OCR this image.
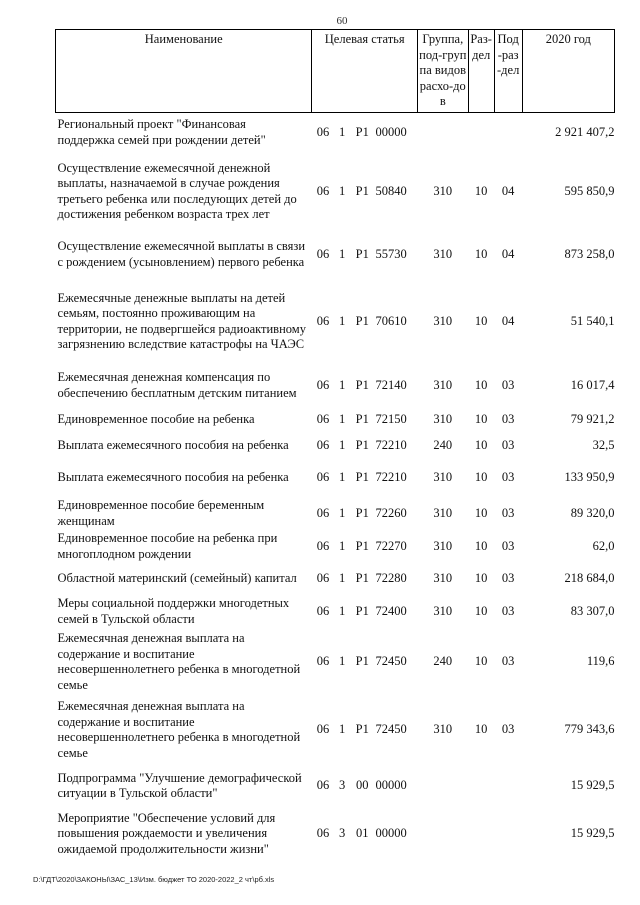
60
Наименование	Целевая статья	Группа, под-группа видов расхо-дов	Раз-дел	Под-раз-дел	2020 год
Региональный проект "Финансовая поддержка семей при рождении детей"	06 1 Р1 00000				2 921 407,2
Осуществление ежемесячной денежной выплаты, назначаемой в случае рождения третьего ребенка или последующих детей до достижения ребенком возраста трех лет	06 1 Р1 50840	310	10	04	595 850,9
Осуществление ежемесячной выплаты в связи с рождением (усыновлением) первого ребенка	06 1 Р1 55730	310	10	04	873 258,0
Ежемесячные денежные выплаты на детей семьям, постоянно проживающим на территории, не подвергшейся радиоактивному загрязнению вследствие катастрофы на ЧАЭС	06 1 Р1 70610	310	10	04	51 540,1
Ежемесячная денежная компенсация по обеспечению бесплатным детским питанием	06 1 Р1 72140	310	10	03	16 017,4
Единовременное пособие на ребенка	06 1 Р1 72150	310	10	03	79 921,2
Выплата ежемесячного пособия на ребенка	06 1 Р1 72210	240	10	03	32,5
Выплата ежемесячного пособия на ребенка	06 1 Р1 72210	310	10	03	133 950,9
Единовременное пособие беременным женщинам	06 1 Р1 72260	310	10	03	89 320,0
Единовременное пособие на ребенка при многоплодном рождении	06 1 Р1 72270	310	10	03	62,0
Областной материнский (семейный) капитал	06 1 Р1 72280	310	10	03	218 684,0
Меры социальной поддержки многодетных семей в Тульской области	06 1 Р1 72400	310	10	03	83 307,0
Ежемесячная денежная выплата на содержание и воспитание несовершеннолетнего ребенка в многодетной семье	06 1 Р1 72450	240	10	03	119,6
Ежемесячная денежная выплата на содержание и воспитание несовершеннолетнего ребенка в многодетной семье	06 1 Р1 72450	310	10	03	779 343,6
Подпрограмма "Улучшение демографической ситуации в Тульской области"	06 3 00 00000				15 929,5
Мероприятие "Обеспечение условий для повышения рождаемости и увеличения ожидаемой продолжительности жизни"	06 3 01 00000				15 929,5
D:\ГДТ\2020\ЗАКОНЫ\ЗАС_13\Изм. бюджет ТО 2020-2022_2 чт\рб.xls
